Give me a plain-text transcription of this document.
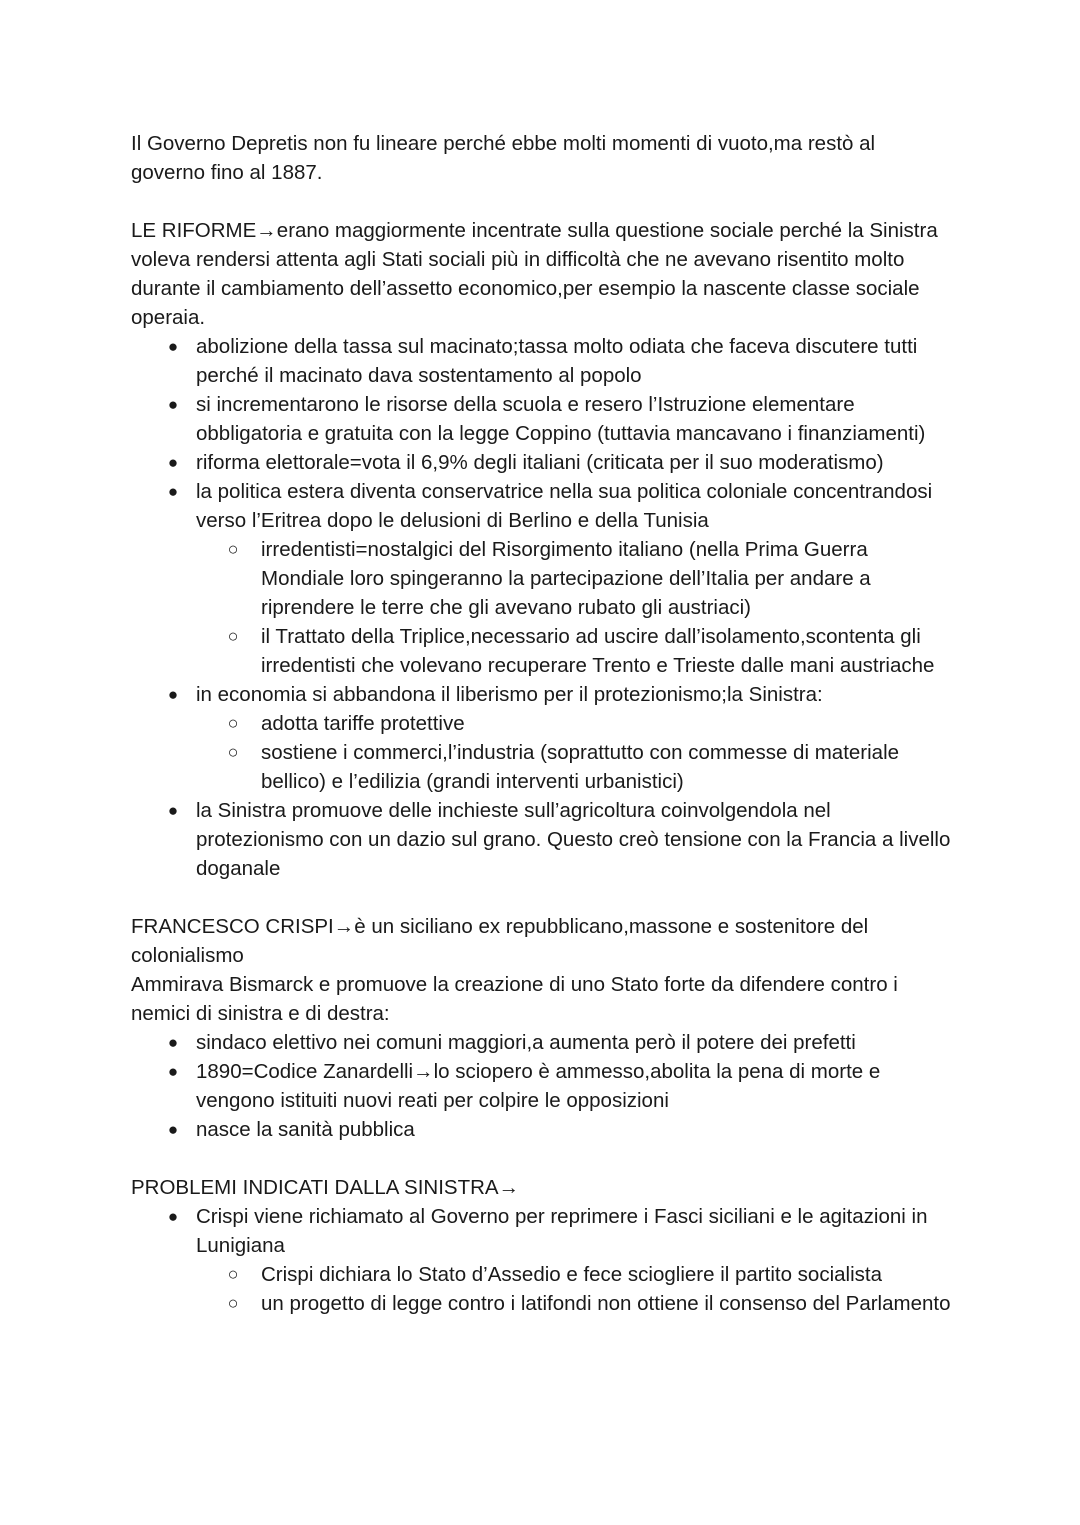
Il Governo Depretis non fu lineare perché ebbe molti momenti di vuoto,ma restò al governo fino al 1887.

LE RIFORME→erano maggiormente incentrate sulla questione sociale perché la Sinistra voleva rendersi attenta agli Stati sociali più in difficoltà che ne avevano risentito molto durante il cambiamento dell’assetto economico,per esempio la nascente classe sociale operaia.

● abolizione della tassa sul macinato;tassa molto odiata che faceva discutere tutti perché il macinato dava sostentamento al popolo
● si incrementarono le risorse della scuola e resero l’Istruzione elementare obbligatoria e gratuita con la legge Coppino (tuttavia mancavano i finanziamenti)
● riforma elettorale=vota il 6,9% degli italiani (criticata per il suo moderatismo)
● la politica estera diventa conservatrice nella sua politica coloniale concentrandosi verso l’Eritrea dopo le delusioni di Berlino e della Tunisia
○ irredentisti=nostalgici del Risorgimento italiano (nella Prima Guerra Mondiale loro spingeranno la partecipazione dell’Italia per andare a riprendere le terre che gli avevano rubato gli austriaci)
○ il Trattato della Triplice,necessario ad uscire dall’isolamento,scontenta gli irredentisti che volevano recuperare Trento e Trieste dalle mani austriache
● in economia si abbandona il liberismo per il protezionismo;la Sinistra:
○ adotta tariffe protettive
○ sostiene i commerci,l’industria (soprattutto con commesse di materiale bellico) e l’edilizia (grandi interventi urbanistici)
● la Sinistra promuove delle inchieste sull’agricoltura coinvolgendola nel protezionismo con un dazio sul grano. Questo creò tensione con la Francia a livello doganale

FRANCESCO CRISPI→è un siciliano ex repubblicano,massone e sostenitore del colonialismo

Ammirava Bismarck e promuove la creazione di uno Stato forte da difendere contro i nemici di sinistra e di destra:

● sindaco elettivo nei comuni maggiori,a aumenta però il potere dei prefetti
● 1890=Codice Zanardelli→lo sciopero è ammesso,abolita la pena di morte e vengono istituiti nuovi reati per colpire le opposizioni
● nasce la sanità pubblica

PROBLEMI INDICATI DALLA SINISTRA→

● Crispi viene richiamato al Governo per reprimere i Fasci siciliani e le agitazioni in Lunigiana
○ Crispi dichiara lo Stato d’Assedio e fece sciogliere il partito socialista
○ un progetto di legge contro i latifondi non ottiene il consenso del Parlamento
